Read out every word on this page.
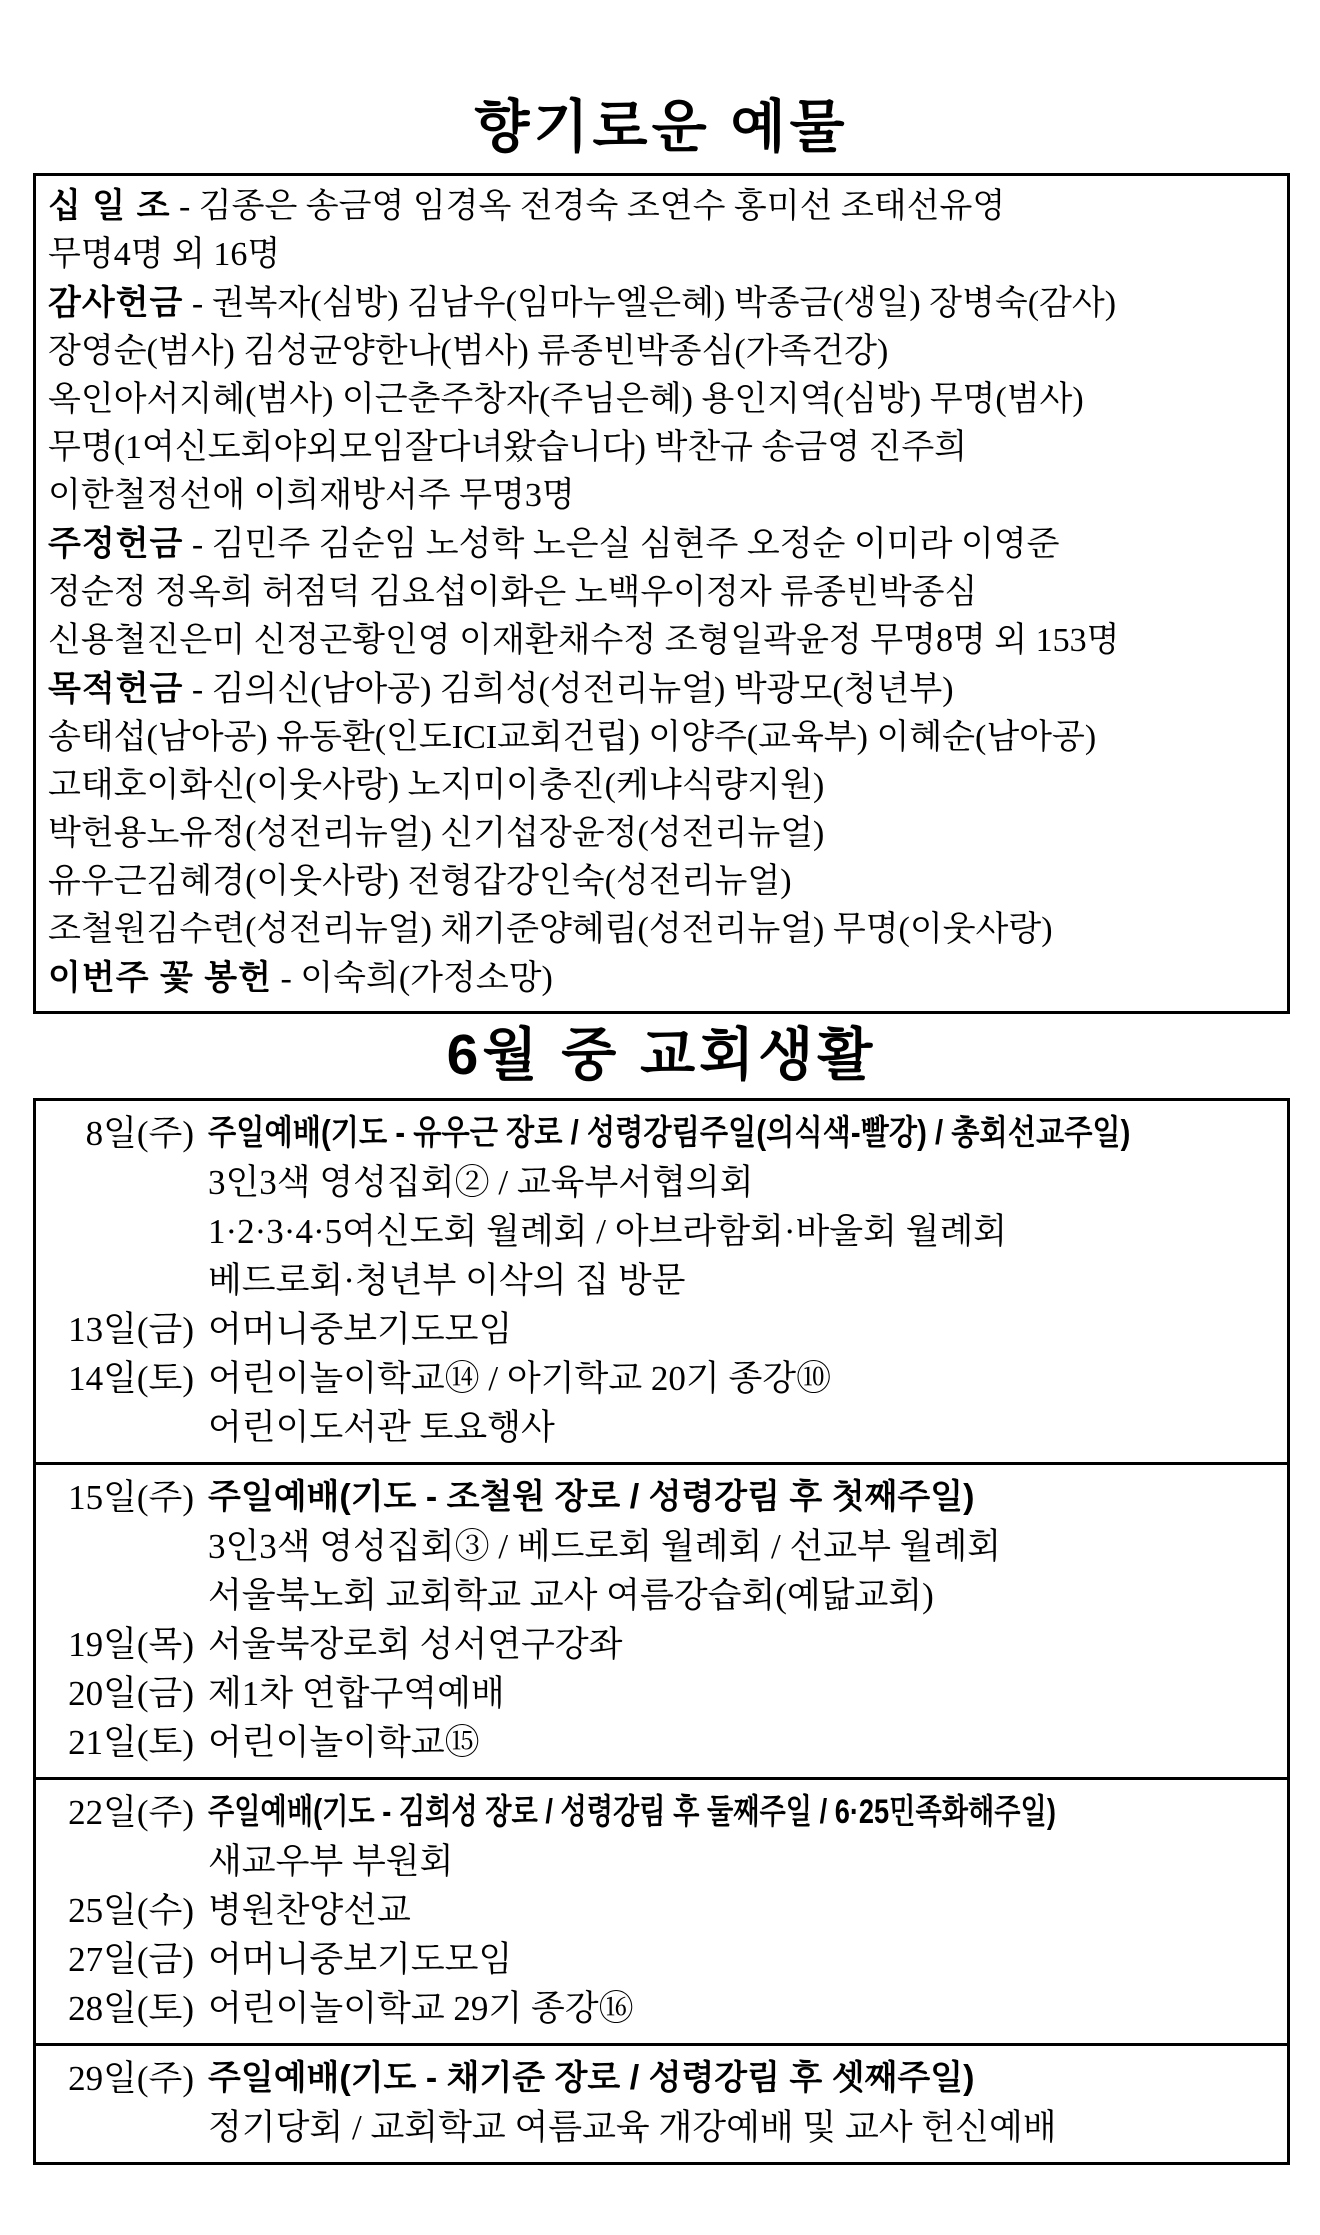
향기로운 예물
십 일 조 - 김종은 송금영 임경옥 전경숙 조연수 홍미선 조태선유영
무명4명 외 16명
감사헌금 - 권복자(심방) 김남우(임마누엘은혜) 박종금(생일) 장병숙(감사)
장영순(범사) 김성균양한나(범사) 류종빈박종심(가족건강)
옥인아서지혜(범사) 이근춘주창자(주님은혜) 용인지역(심방) 무명(범사)
무명(1여신도회야외모임잘다녀왔습니다) 박찬규 송금영 진주희
이한철정선애 이희재방서주 무명3명
주정헌금 - 김민주 김순임 노성학 노은실 심현주 오정순 이미라 이영준
정순정 정옥희 허점덕 김요섭이화은 노백우이정자 류종빈박종심
신용철진은미 신정곤황인영 이재환채수정 조형일곽윤정 무명8명 외 153명
목적헌금 - 김의신(남아공) 김희성(성전리뉴얼) 박광모(청년부)
송태섭(남아공) 유동환(인도ICI교회건립) 이양주(교육부) 이혜순(남아공)
고태호이화신(이웃사랑) 노지미이충진(케냐식량지원)
박헌용노유정(성전리뉴얼) 신기섭장윤정(성전리뉴얼)
유우근김혜경(이웃사랑) 전형갑강인숙(성전리뉴얼)
조철원김수련(성전리뉴얼) 채기준양혜림(성전리뉴얼) 무명(이웃사랑)
이번주 꽃 봉헌 - 이숙희(가정소망)
6월 중 교회생활
8일(주) 주일예배(기도 - 유우근 장로 / 성령강림주일(의식색-빨강) / 총회선교주일)
3인3색 영성집회② / 교육부서협의회
1·2·3·4·5여신도회 월례회 / 아브라함회·바울회 월례회
베드로회·청년부 이삭의 집 방문
13일(금) 어머니중보기도모임
14일(토) 어린이놀이학교⑭ / 아기학교 20기 종강⑩
어린이도서관 토요행사
15일(주) 주일예배(기도 - 조철원 장로 / 성령강림 후 첫째주일)
3인3색 영성집회③ / 베드로회 월례회 / 선교부 월례회
서울북노회 교회학교 교사 여름강습회(예닮교회)
19일(목) 서울북장로회 성서연구강좌
20일(금) 제1차 연합구역예배
21일(토) 어린이놀이학교⑮
22일(주) 주일예배(기도 - 김희성 장로 / 성령강림 후 둘째주일 / 6·25민족화해주일)
새교우부 부원회
25일(수) 병원찬양선교
27일(금) 어머니중보기도모임
28일(토) 어린이놀이학교 29기 종강⑯
29일(주) 주일예배(기도 - 채기준 장로 / 성령강림 후 셋째주일)
정기당회 / 교회학교 여름교육 개강예배 및 교사 헌신예배
